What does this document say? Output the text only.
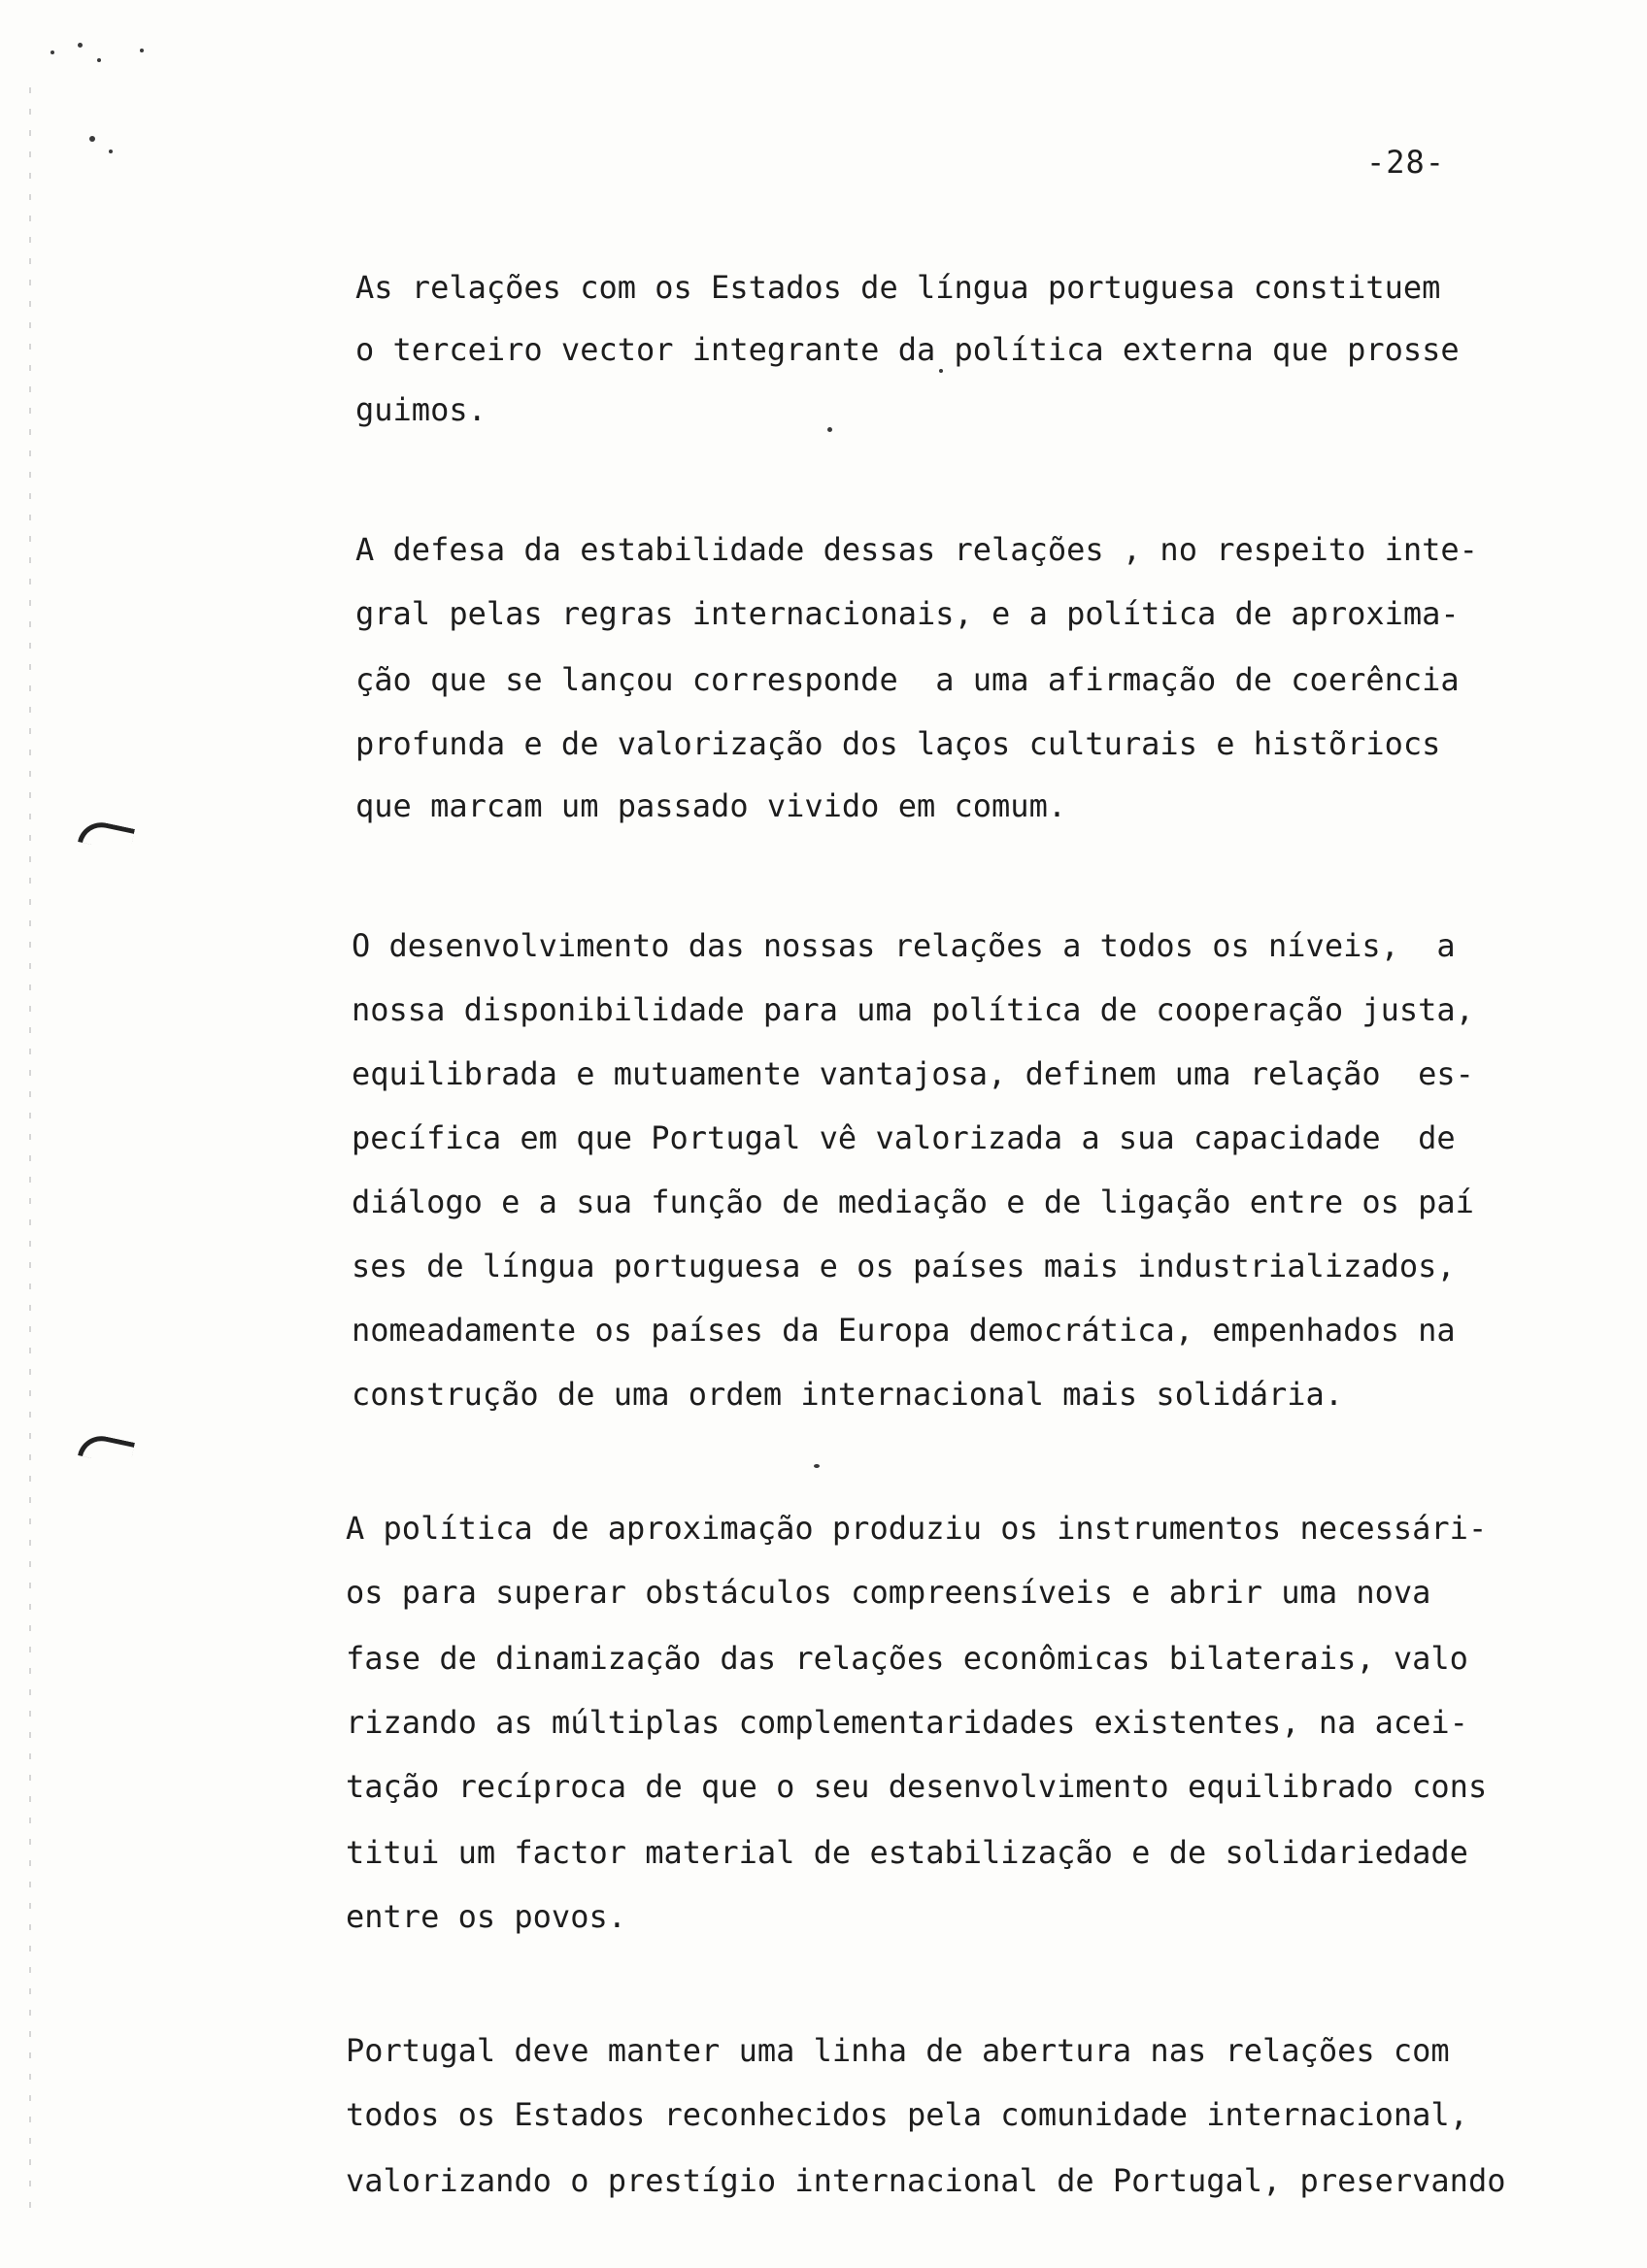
-28-
As relações com os Estados de língua portuguesa constituem
o terceiro vector integrante da política externa que prosse
guimos.
A defesa da estabilidade dessas relações , no respeito inte-
gral pelas regras internacionais, e a política de aproxima-
ção que se lançou corresponde  a uma afirmação de coerência
profunda e de valorização dos laços culturais e histõriocs
que marcam um passado vivido em comum.
O desenvolvimento das nossas relações a todos os níveis,  a
nossa disponibilidade para uma política de cooperação justa,
equilibrada e mutuamente vantajosa, definem uma relação  es-
pecífica em que Portugal vê valorizada a sua capacidade  de
diálogo e a sua função de mediação e de ligação entre os paí
ses de língua portuguesa e os países mais industrializados,
nomeadamente os países da Europa democrática, empenhados na
construção de uma ordem internacional mais solidária.
A política de aproximação produziu os instrumentos necessári-
os para superar obstáculos compreensíveis e abrir uma nova
fase de dinamização das relações econômicas bilaterais, valo
rizando as múltiplas complementaridades existentes, na acei-
tação recíproca de que o seu desenvolvimento equilibrado cons
titui um factor material de estabilização e de solidariedade
entre os povos.
Portugal deve manter uma linha de abertura nas relações com
todos os Estados reconhecidos pela comunidade internacional,
valorizando o prestígio internacional de Portugal, preservando
